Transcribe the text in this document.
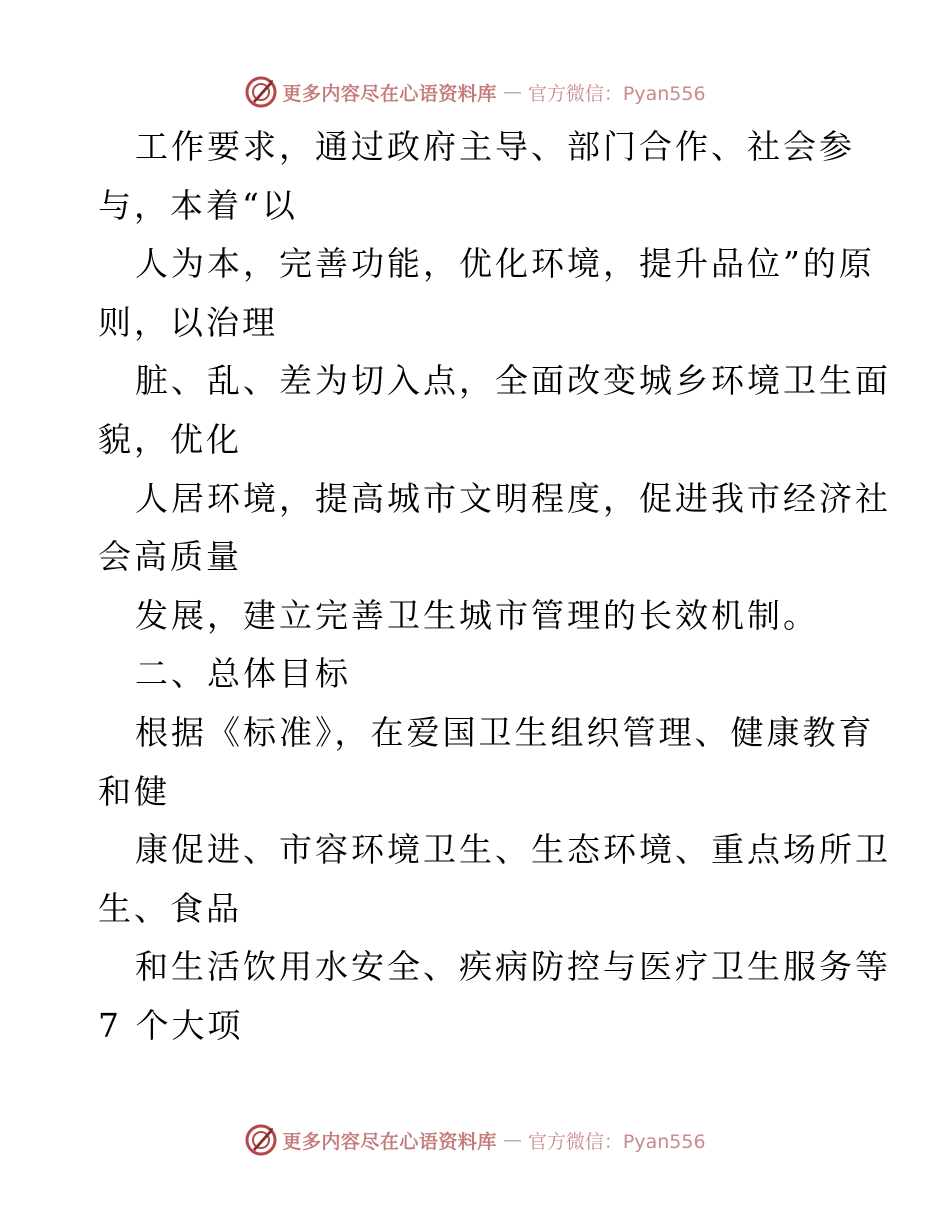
更多内容尽在心语资料库 — 官方微信：Pyan556
工作要求，通过政府主导、部门合作、社会参
与，本着“以
人为本，完善功能，优化环境，提升品位”的原
则，以治理
脏、乱、差为切入点，全面改变城乡环境卫生面
貌，优化
人居环境，提高城市文明程度，促进我市经济社
会高质量
发展，建立完善卫生城市管理的长效机制。
二、总体目标
根据《标准》，在爱国卫生组织管理、健康教育
和健
康促进、市容环境卫生、生态环境、重点场所卫
生、食品
和生活饮用水安全、疾病防控与医疗卫生服务等
7 个大项
更多内容尽在心语资料库 — 官方微信：Pyan556
